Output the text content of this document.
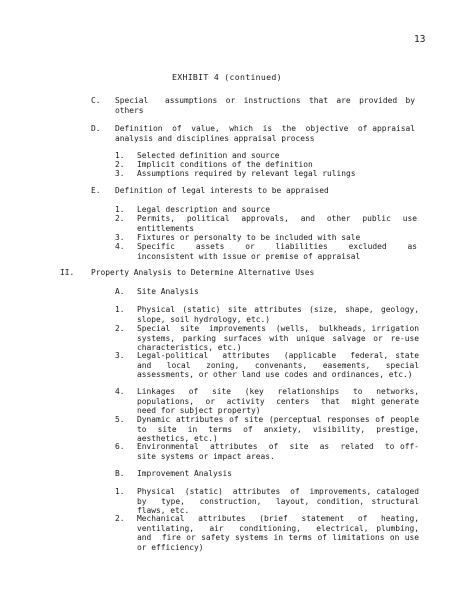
13
EXHIBIT 4 (continued)
C. Special  assumptions or instructions that are provided by others
D. Definition  of  value,  which  is  the  objective  of appraisal analysis and disciplines appraisal process
1. Selected definition and source
2. Implicit conditions of the definition
3. Assumptions required by relevant legal rulings
E. Definition of legal interests to be appraised
1. Legal description and source
2. Permits, political approvals, and other public use entitlements
3. Fixtures or personalty to be included with sale
4. Specific  assets  or  liabilities  excluded  as inconsistent with issue or premise of appraisal
II. Property Analysis to Determine Alternative Uses
A. Site Analysis
1. Physical (static) site attributes (size, shape, geology, slope, soil hydrology, etc.)
2. Special  site  improvements  (wells,  bulkheads, irrigation systems, parking surfaces with unique salvage or re-use characteristics, etc.)
3. Legal-political  attributes  (applicable  federal, state and local zoning, convenants, easements, special assessments, or other land use codes and ordinances, etc.)
4. Linkages of site (key relationships to networks, populations,  or  activity  centers  that  might generate need for subject property)
5. Dynamic attributes of site (perceptual responses of people to site in terms of anxiety, visibility, prestige, aesthetics, etc.)
6. Environmental  attributes  of  site  as  related  to off-site systems or impact areas.
B. Improvement Analysis
1. Physical  (static)  attributes  of  improvements, cataloged  by  type,  construction,  layout, condition, structural flaws, etc.
2. Mechanical attributes (brief statement of heating, ventilating,  air  conditioning,  electrical, plumbing,  and  fire or safety systems in terms of limitations on use or efficiency)
